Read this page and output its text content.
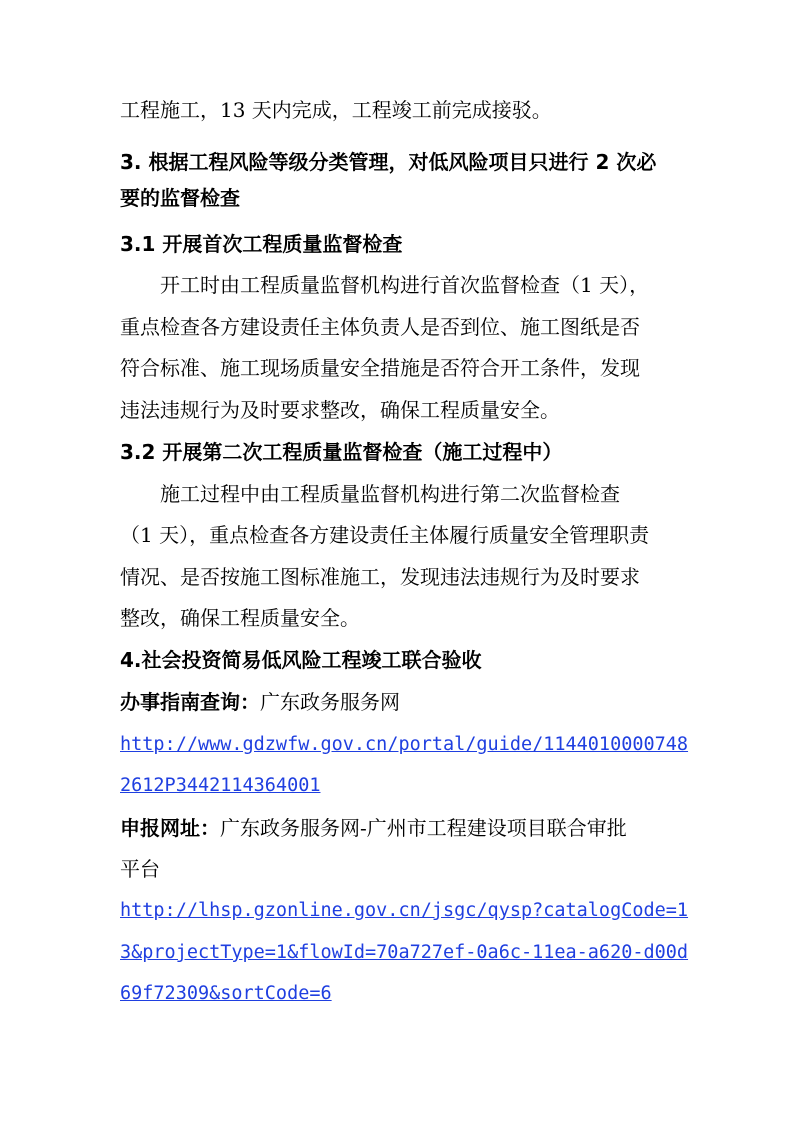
工程施工，13 天内完成，工程竣工前完成接驳。
3. 根据工程风险等级分类管理，对低风险项目只进行 2 次必
要的监督检查
3.1 开展首次工程质量监督检查
开工时由工程质量监督机构进行首次监督检查（1 天），
重点检查各方建设责任主体负责人是否到位、施工图纸是否
符合标准、施工现场质量安全措施是否符合开工条件，发现
违法违规行为及时要求整改，确保工程质量安全。
3.2 开展第二次工程质量监督检查（施工过程中）
施工过程中由工程质量监督机构进行第二次监督检查
（1 天），重点检查各方建设责任主体履行质量安全管理职责
情况、是否按施工图标准施工，发现违法违规行为及时要求
整改，确保工程质量安全。
4.社会投资简易低风险工程竣工联合验收
办事指南查询：广东政务服务网
http://www.gdzwfw.gov.cn/portal/guide/1144010000748
2612P3442114364001
申报网址：广东政务服务网-广州市工程建设项目联合审批
平台
http://lhsp.gzonline.gov.cn/jsgc/qysp?catalogCode=1
3&projectType=1&flowId=70a727ef-0a6c-11ea-a620-d00d
69f72309&sortCode=6
